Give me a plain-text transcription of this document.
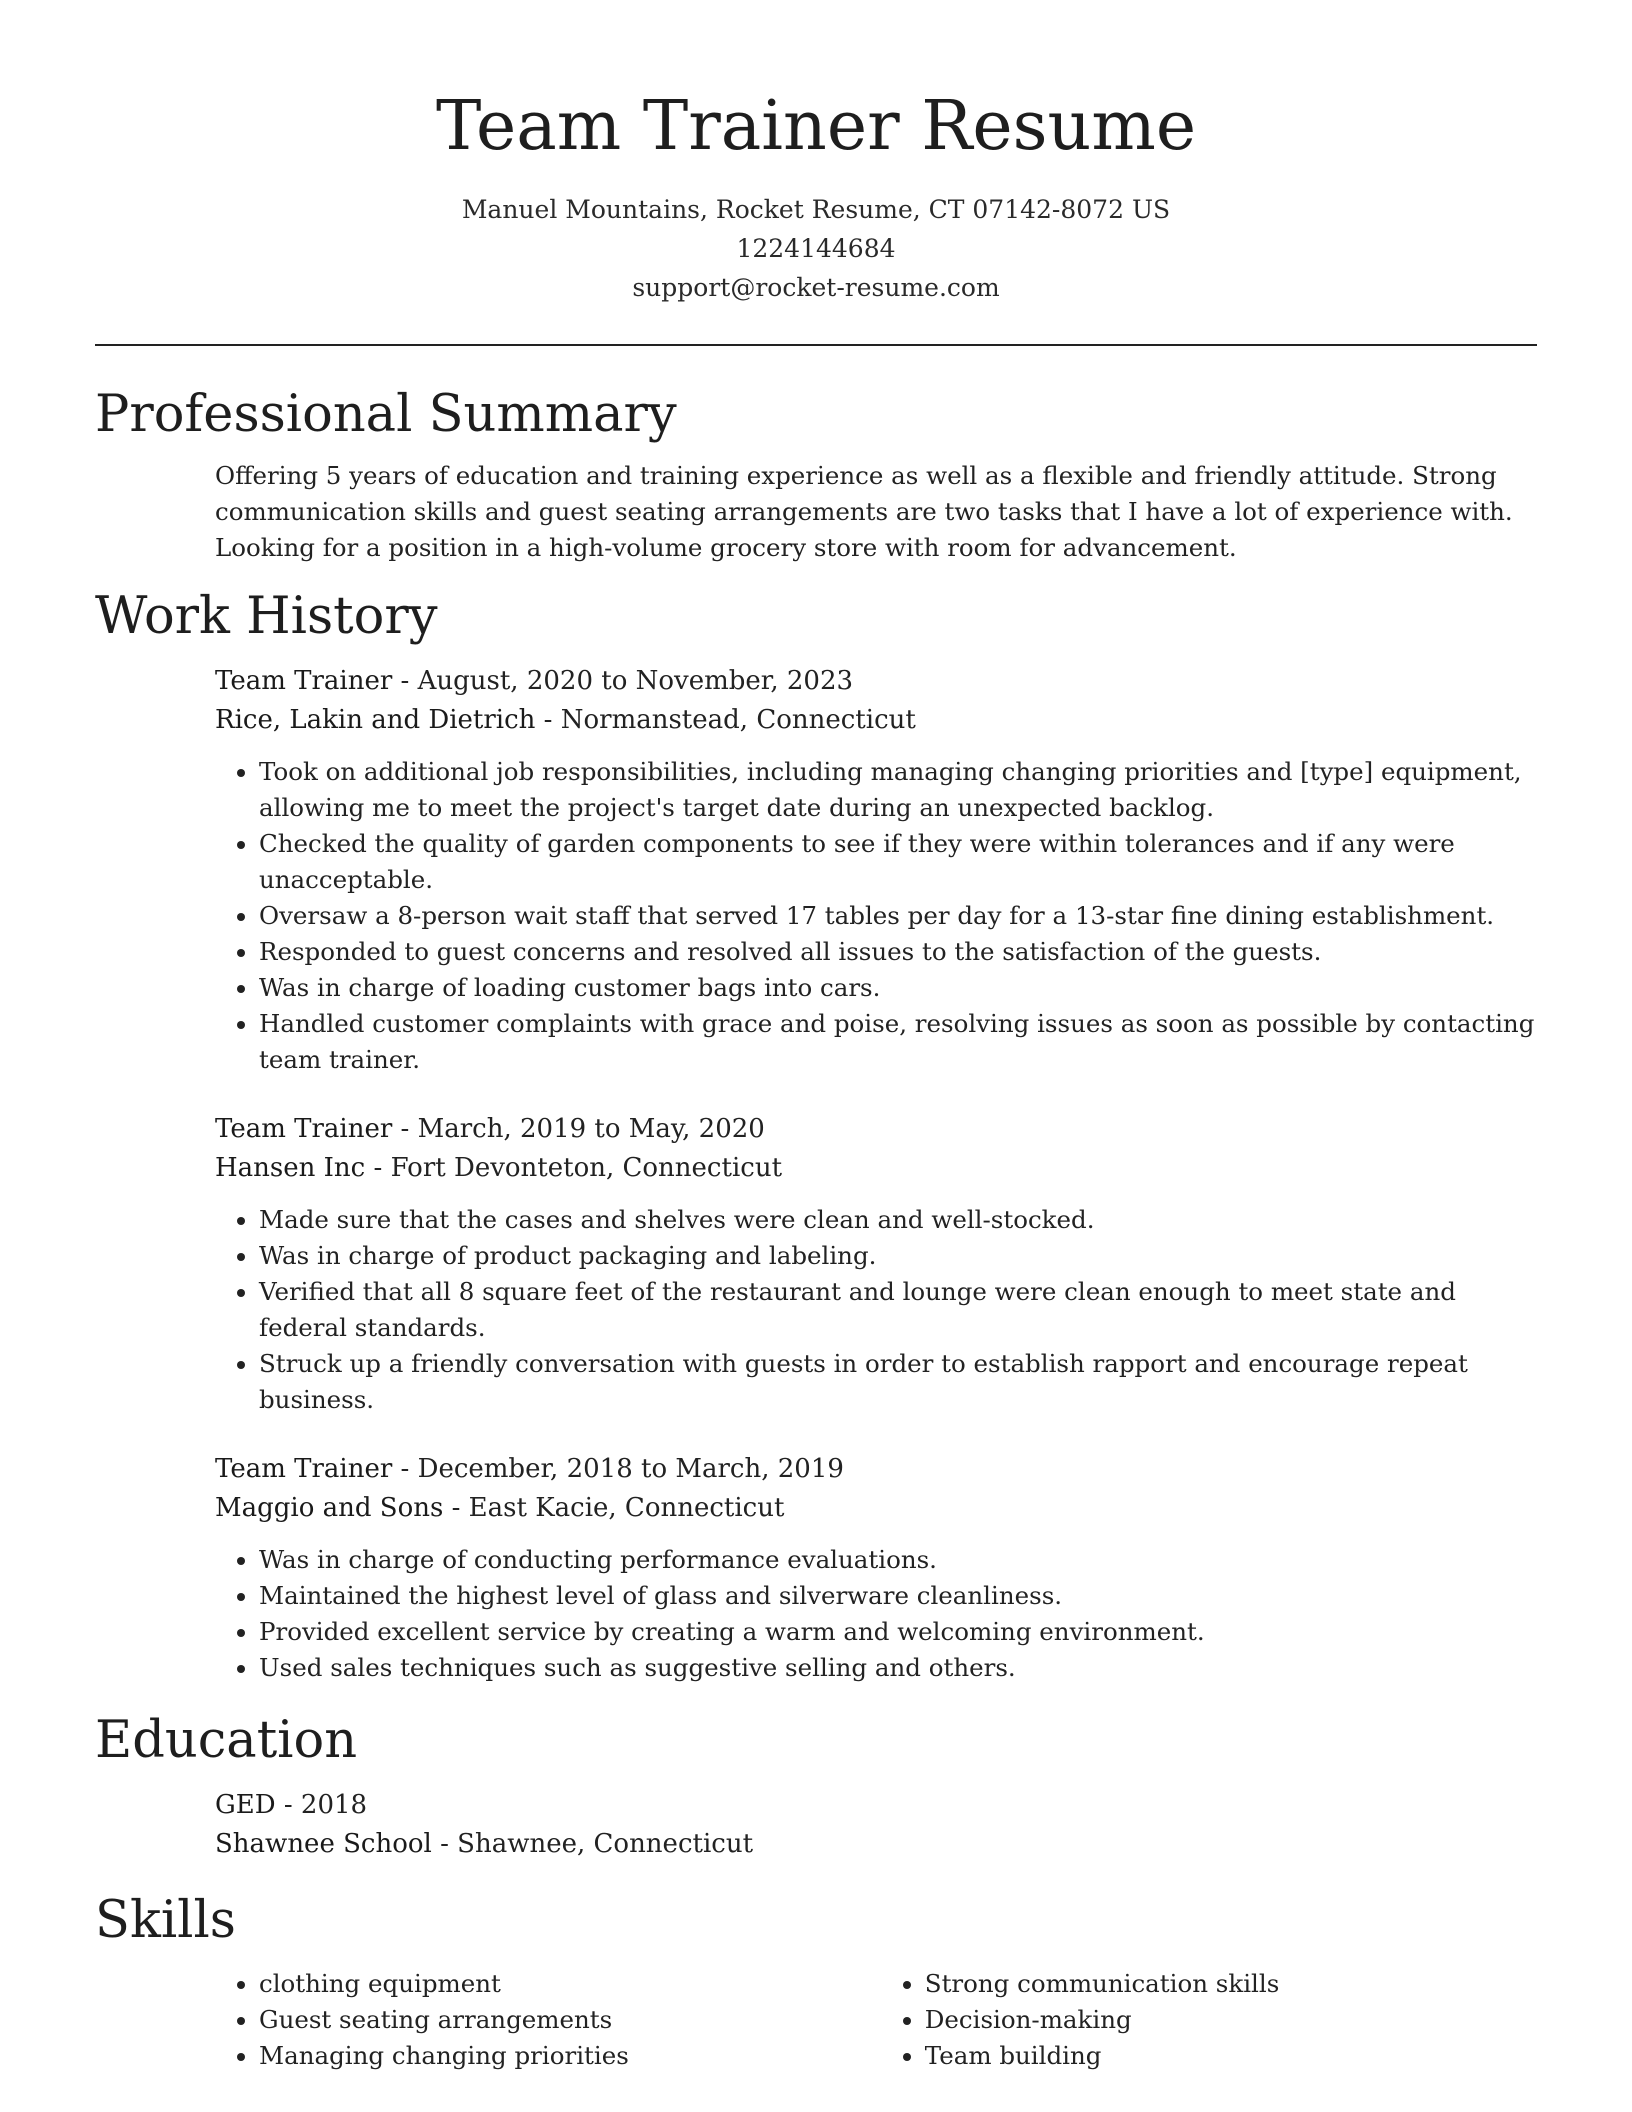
Team Trainer Resume
Manuel Mountains, Rocket Resume, CT 07142-8072 US
1224144684
support@rocket-resume.com
Professional Summary

Offering 5 years of education and training experience as well as a flexible and friendly attitude. Strong communication skills and guest seating arrangements are two tasks that I have a lot of experience with. Looking for a position in a high-volume grocery store with room for advancement.

Work History
Team Trainer - August, 2020 to November, 2023
Rice, Lakin and Dietrich - Normanstead, Connecticut
• Took on additional job responsibilities, including managing changing priorities and [type] equipment, allowing me to meet the project's target date during an unexpected backlog.
• Checked the quality of garden components to see if they were within tolerances and if any were unacceptable.
• Oversaw a 8-person wait staff that served 17 tables per day for a 13-star fine dining establishment.
• Responded to guest concerns and resolved all issues to the satisfaction of the guests.
• Was in charge of loading customer bags into cars.
• Handled customer complaints with grace and poise, resolving issues as soon as possible by contacting team trainer.
Team Trainer - March, 2019 to May, 2020
Hansen Inc - Fort Devonteton, Connecticut
• Made sure that the cases and shelves were clean and well-stocked.
• Was in charge of product packaging and labeling.
• Verified that all 8 square feet of the restaurant and lounge were clean enough to meet state and federal standards.
• Struck up a friendly conversation with guests in order to establish rapport and encourage repeat business.
Team Trainer - December, 2018 to March, 2019
Maggio and Sons - East Kacie, Connecticut
• Was in charge of conducting performance evaluations.
• Maintained the highest level of glass and silverware cleanliness.
• Provided excellent service by creating a warm and welcoming environment.
• Used sales techniques such as suggestive selling and others.
Education
GED - 2018
Shawnee School - Shawnee, Connecticut
Skills
• clothing equipment
• Guest seating arrangements
• Managing changing priorities
• Strong communication skills
• Decision-making
• Team building
